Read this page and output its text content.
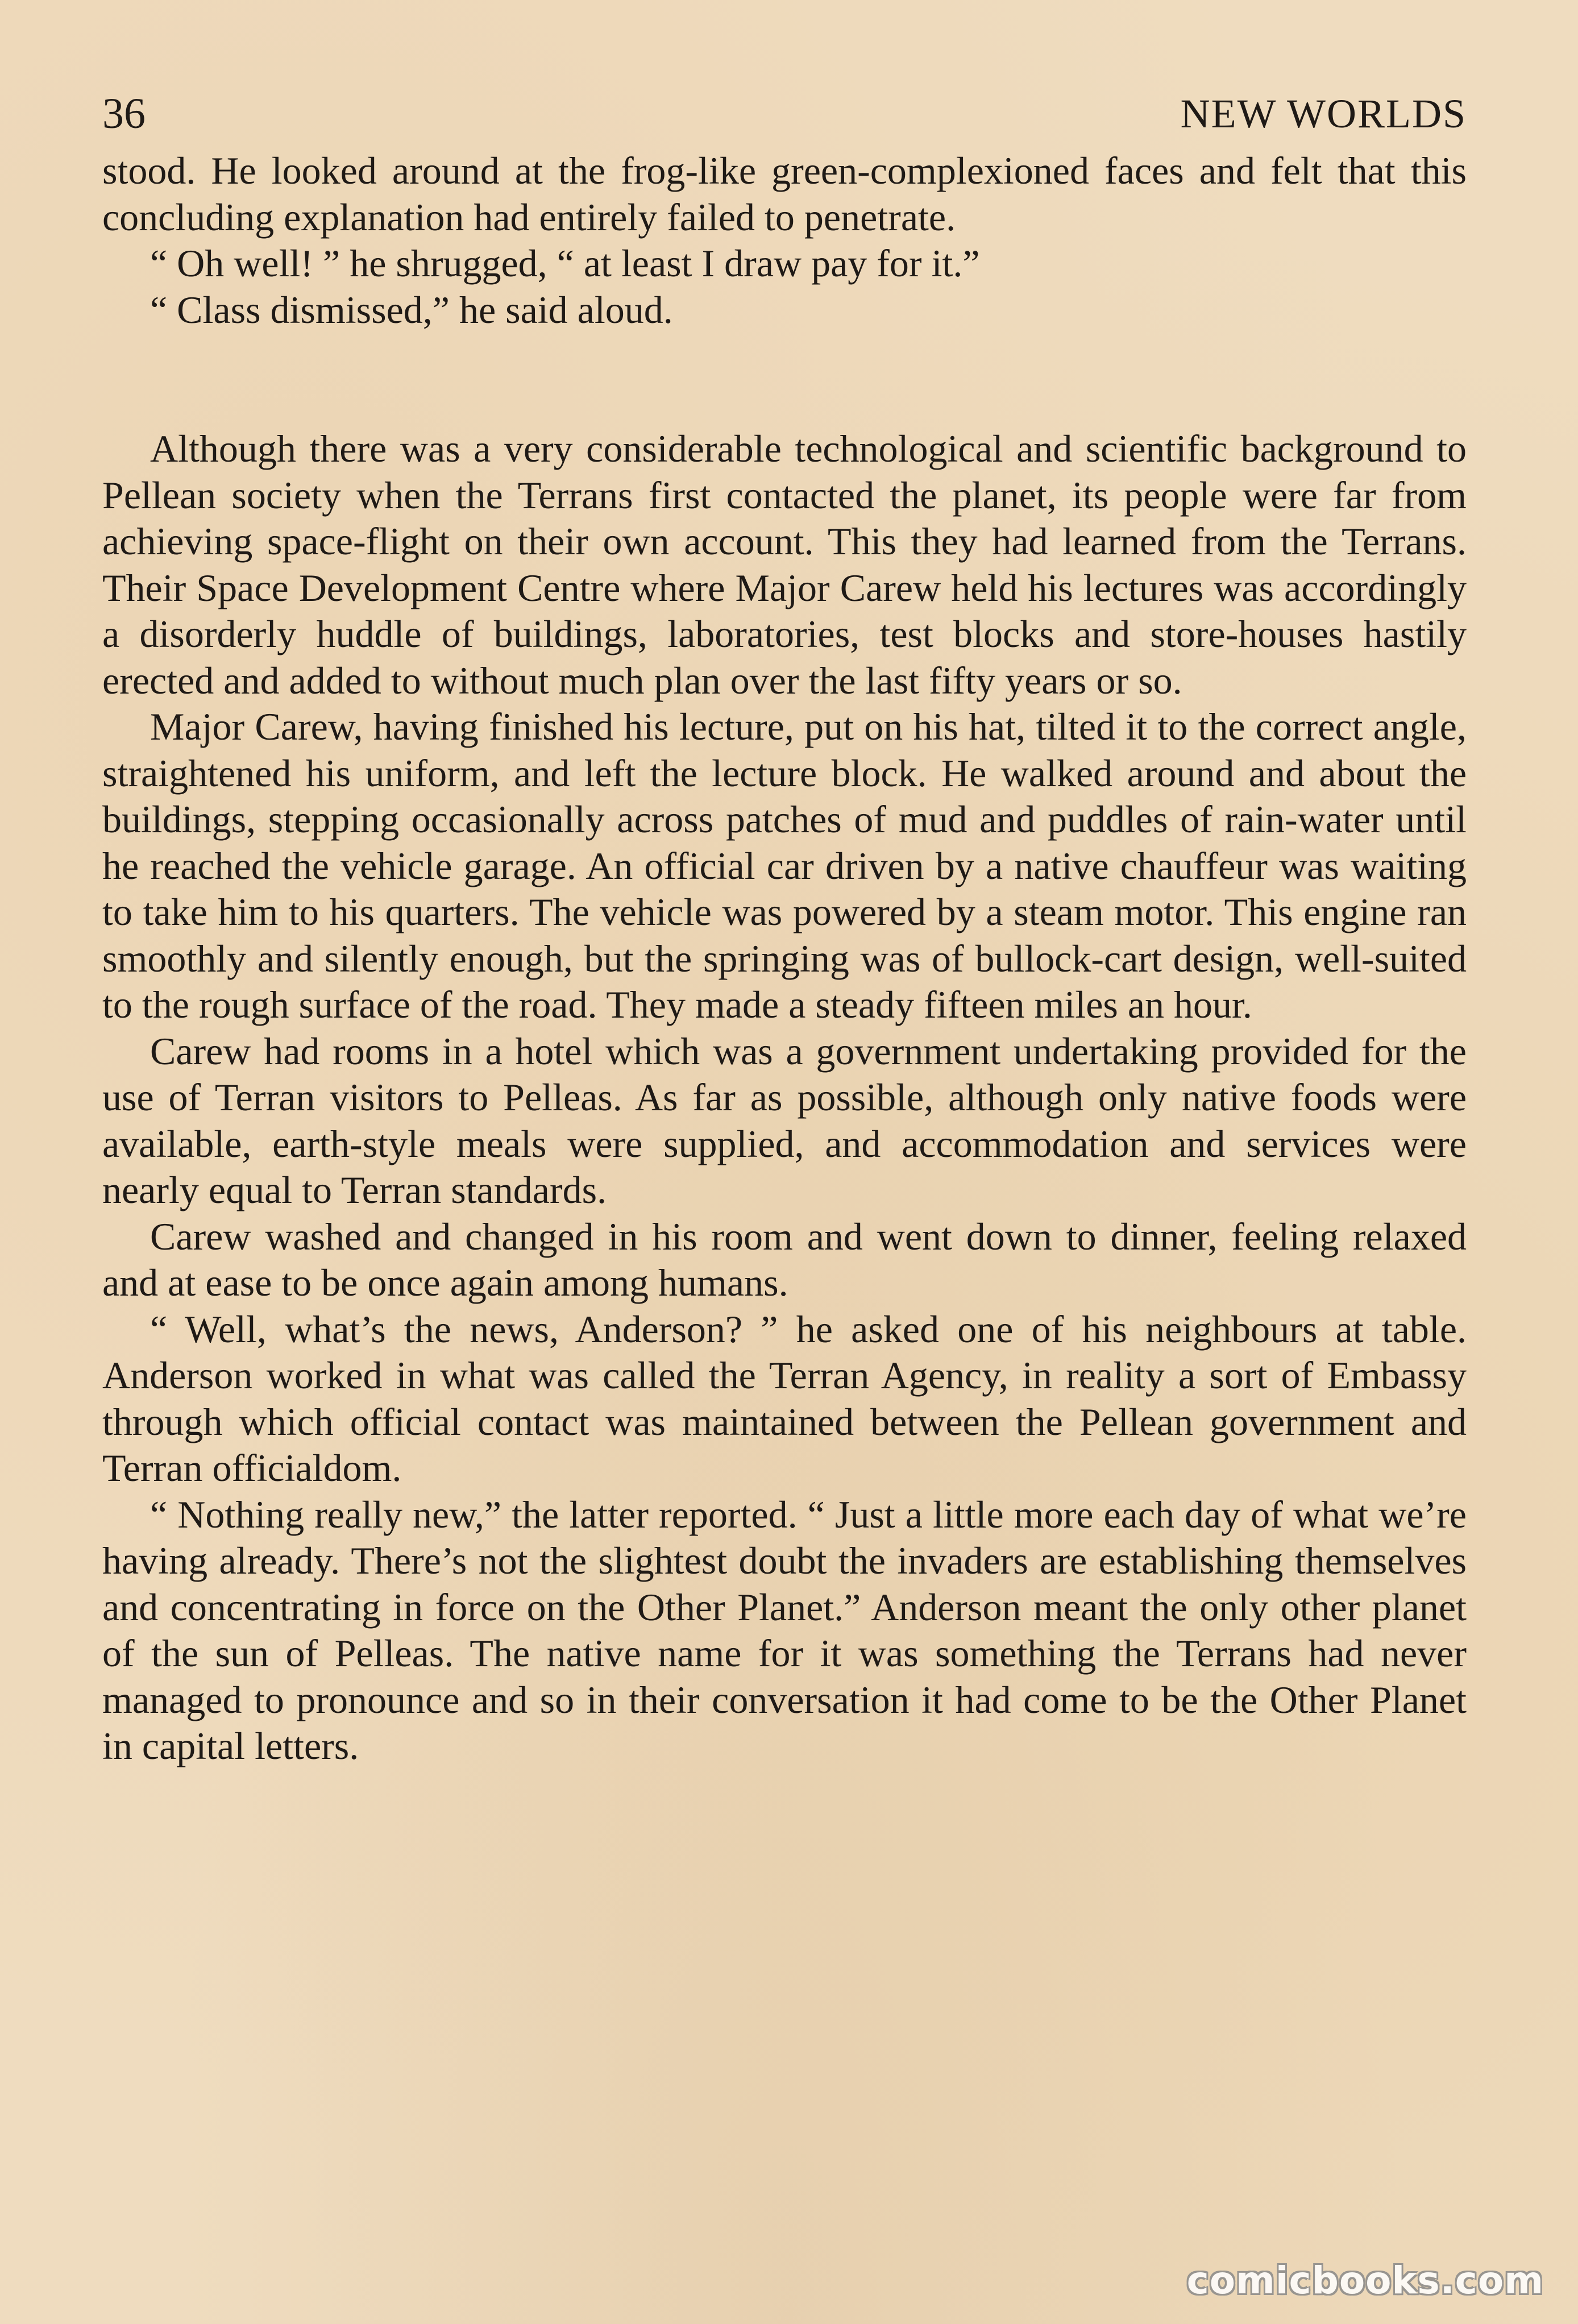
36	NEW WORLDS

stood. He looked around at the frog-like green-complexioned faces and felt that this concluding explanation had entirely failed to penetrate.

“ Oh well! ” he shrugged, “ at least I draw pay for it.”

“ Class dismissed,” he said aloud.

Although there was a very considerable technological and scientific background to Pellean society when the Terrans first contacted the planet, its people were far from achieving space-flight on their own account. This they had learned from the Terrans. Their Space Development Centre where Major Carew held his lectures was accordingly a disorderly huddle of buildings, laboratories, test blocks and store-houses hastily erected and added to without much plan over the last fifty years or so.

Major Carew, having finished his lecture, put on his hat, tilted it to the correct angle, straightened his uniform, and left the lecture block. He walked around and about the buildings, stepping occasionally across patches of mud and puddles of rain-water until he reached the vehicle garage. An official car driven by a native chauffeur was waiting to take him to his quarters. The vehicle was powered by a steam motor. This engine ran smoothly and silently enough, but the springing was of bullock-cart design, well-suited to the rough surface of the road. They made a steady fifteen miles an hour.

Carew had rooms in a hotel which was a government undertaking provided for the use of Terran visitors to Pelleas. As far as possible, although only native foods were available, earth-style meals were supplied, and accommodation and services were nearly equal to Terran standards.

Carew washed and changed in his room and went down to dinner, feeling relaxed and at ease to be once again among humans.

“ Well, what’s the news, Anderson? ” he asked one of his neighbours at table. Anderson worked in what was called the Terran Agency, in reality a sort of Embassy through which official contact was maintained between the Pellean government and Terran officialdom.

“ Nothing really new,” the latter reported. “ Just a little more each day of what we’re having already. There’s not the slightest doubt the invaders are establishing themselves and concentrating in force on the Other Planet.” Anderson meant the only other planet of the sun of Pelleas. The native name for it was something the Terrans had never managed to pronounce and so in their conversation it had come to be the Other Planet in capital letters.

comicbooks.com
